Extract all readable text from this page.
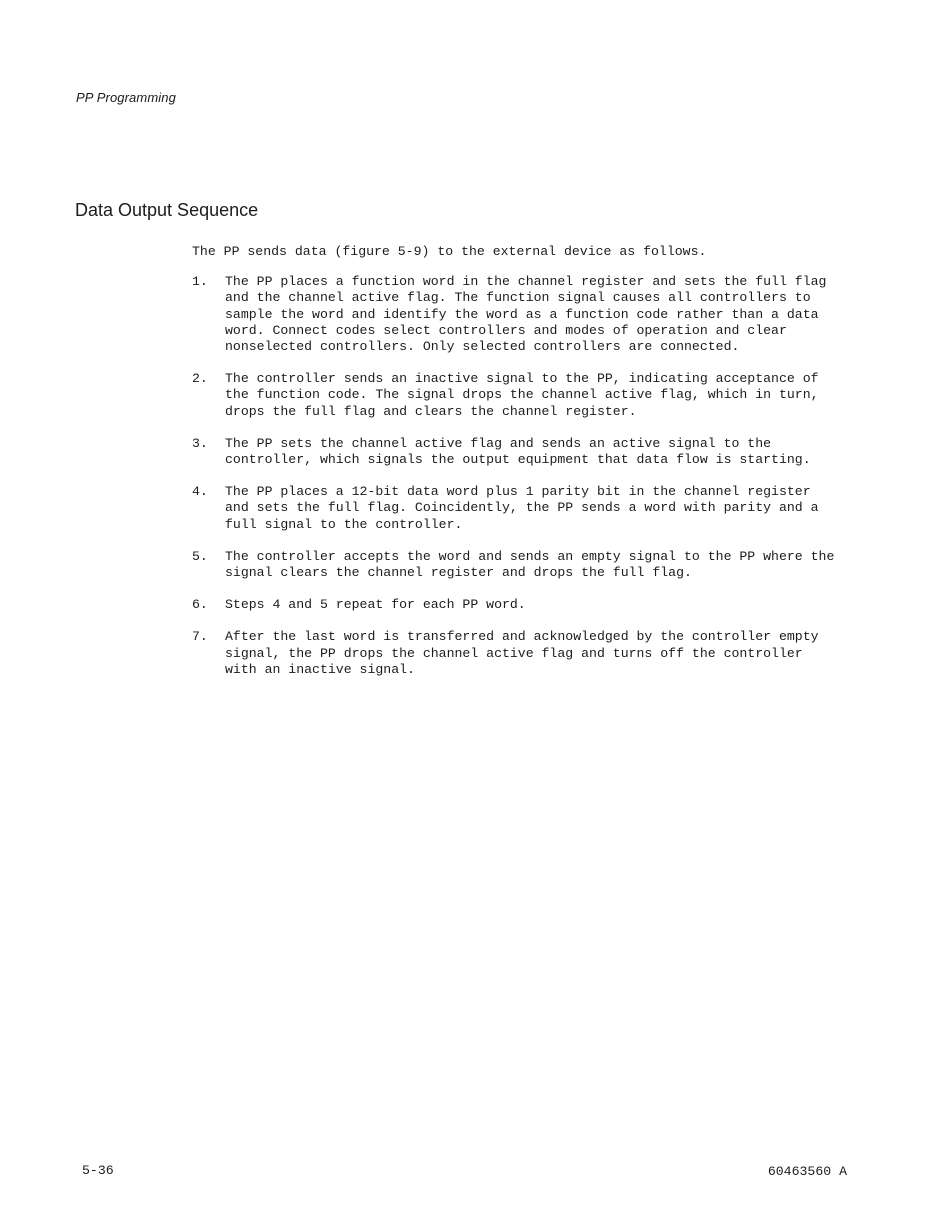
PP Programming
Data Output Sequence

The PP sends data (figure 5-9) to the external device as follows.

1.	The PP places a function word in the channel register and sets the full flag and the channel active flag. The function signal causes all controllers to sample the word and identify the word as a function code rather than a data word. Connect codes select controllers and modes of operation and clear nonselected controllers. Only selected controllers are connected.
2.	The controller sends an inactive signal to the PP, indicating acceptance of the function code. The signal drops the channel active flag, which in turn, drops the full flag and clears the channel register.
3.	The PP sets the channel active flag and sends an active signal to the controller, which signals the output equipment that data flow is starting.
4.	The PP places a 12-bit data word plus 1 parity bit in the channel register and sets the full flag. Coincidently, the PP sends a word with parity and a full signal to the controller.
5.	The controller accepts the word and sends an empty signal to the PP where the signal clears the channel register and drops the full flag.
6.	Steps 4 and 5 repeat for each PP word.
7.	After the last word is transferred and acknowledged by the controller empty signal, the PP drops the channel active flag and turns off the controller with an inactive signal.
5-36	60463560 A
